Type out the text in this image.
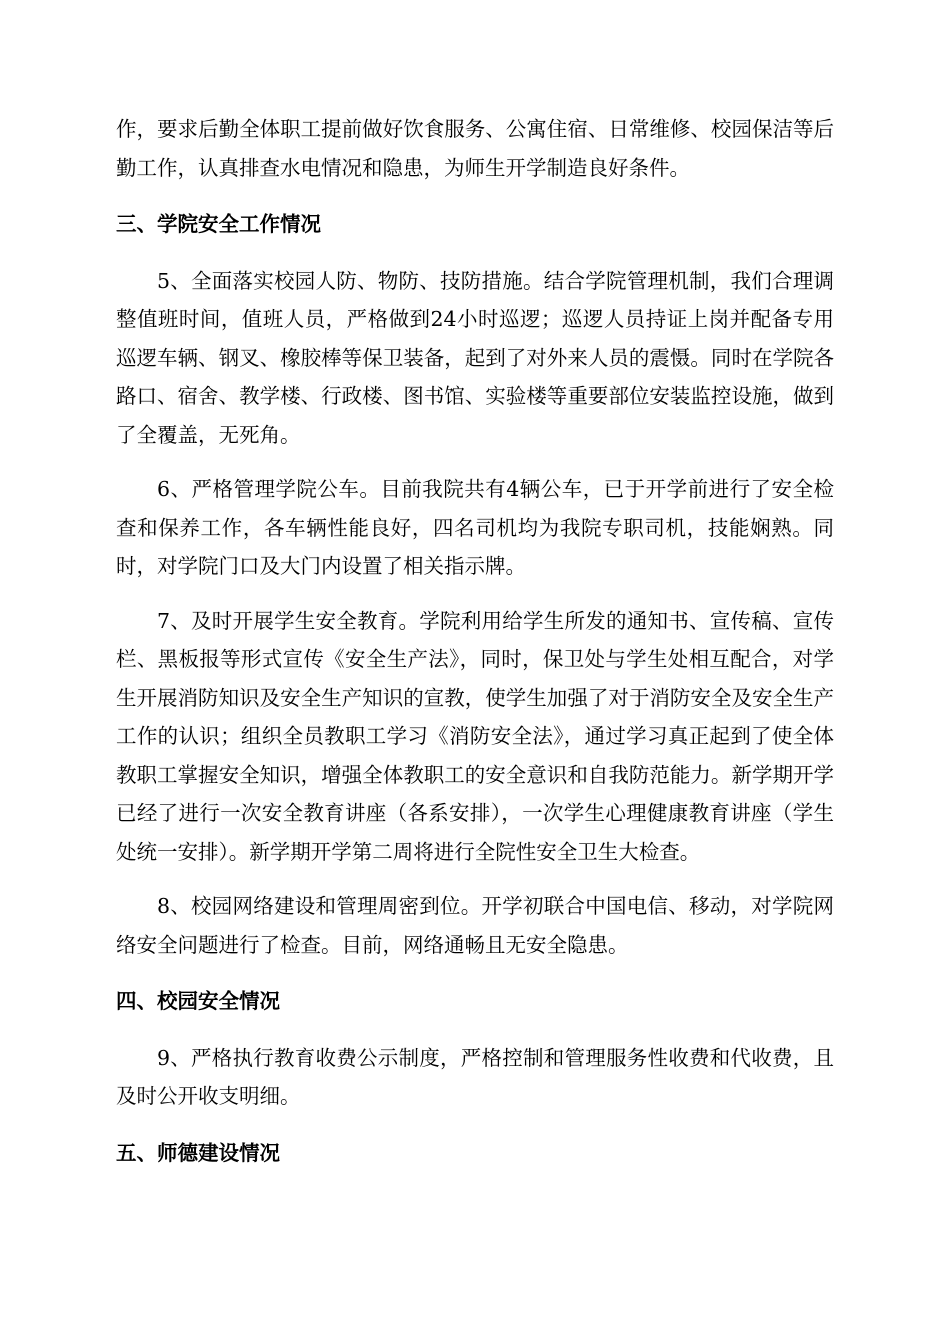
作，要求后勤全体职工提前做好饮食服务、公寓住宿、日常维修、校园保洁等后勤工作，认真排查水电情况和隐患，为师生开学制造良好条件。

三、学院安全工作情况

5、全面落实校园人防、物防、技防措施。结合学院管理机制，我们合理调整值班时间，值班人员，严格做到24小时巡逻；巡逻人员持证上岗并配备专用巡逻车辆、钢叉、橡胶棒等保卫装备，起到了对外来人员的震慑。同时在学院各路口、宿舍、教学楼、行政楼、图书馆、实验楼等重要部位安装监控设施，做到了全覆盖，无死角。

6、严格管理学院公车。目前我院共有4辆公车，已于开学前进行了安全检查和保养工作，各车辆性能良好，四名司机均为我院专职司机，技能娴熟。同时，对学院门口及大门内设置了相关指示牌。

7、及时开展学生安全教育。学院利用给学生所发的通知书、宣传稿、宣传栏、黑板报等形式宣传《安全生产法》，同时，保卫处与学生处相互配合，对学生开展消防知识及安全生产知识的宣教，使学生加强了对于消防安全及安全生产工作的认识；组织全员教职工学习《消防安全法》，通过学习真正起到了使全体教职工掌握安全知识，增强全体教职工的安全意识和自我防范能力。新学期开学已经了进行一次安全教育讲座（各系安排），一次学生心理健康教育讲座（学生处统一安排）。新学期开学第二周将进行全院性安全卫生大检查。

8、校园网络建设和管理周密到位。开学初联合中国电信、移动，对学院网络安全问题进行了检查。目前，网络通畅且无安全隐患。

四、校园安全情况

9、严格执行教育收费公示制度，严格控制和管理服务性收费和代收费，且及时公开收支明细。

五、师德建设情况
